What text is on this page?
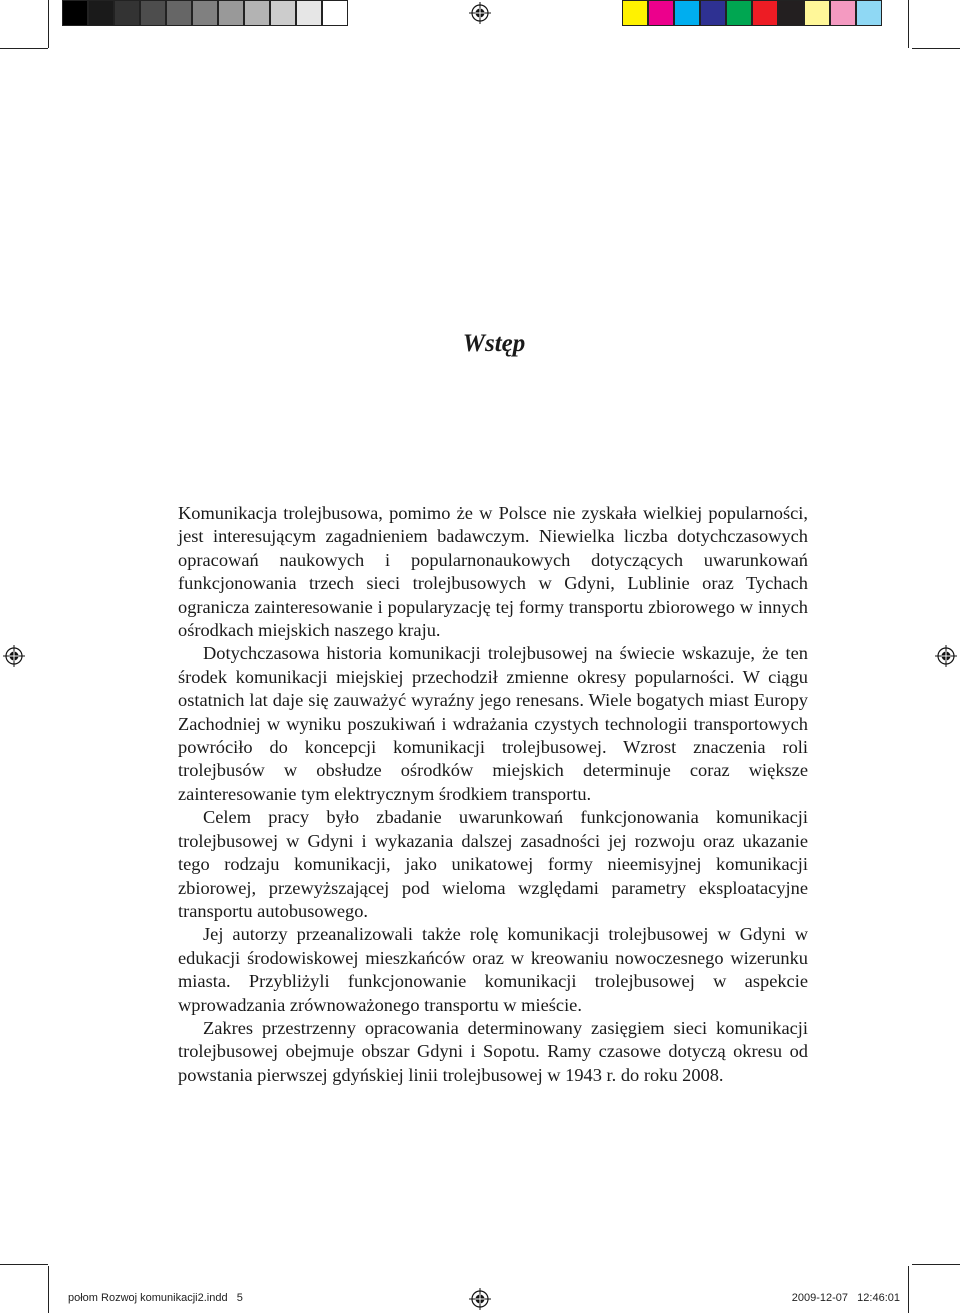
Wstęp

Komunikacja trolejbusowa, pomimo że w Polsce nie zyskała wielkiej popularności, jest interesującym zagadnieniem badawczym. Niewielka liczba dotychczasowych opracowań naukowych i popularnonaukowych dotyczących uwarunkowań funkcjonowania trzech sieci trolejbusowych w Gdyni, Lublinie oraz Tychach ogranicza zainteresowanie i popularyzację tej formy transportu zbiorowego w innych ośrodkach miejskich naszego kraju.

Dotychczasowa historia komunikacji trolejbusowej na świecie wskazuje, że ten środek komunikacji miejskiej przechodził zmienne okresy popularności. W ciągu ostatnich lat daje się zauważyć wyraźny jego renesans. Wiele bogatych miast Europy Zachodniej w wyniku poszukiwań i wdrażania czystych technologii transportowych powróciło do koncepcji komunikacji trolejbusowej. Wzrost znaczenia roli trolejbusów w obsłudze ośrodków miejskich determinuje coraz większe zainteresowanie tym elektrycznym środkiem transportu.

Celem pracy było zbadanie uwarunkowań funkcjonowania komunikacji trolejbusowej w Gdyni i wykazania dalszej zasadności jej rozwoju oraz ukazanie tego rodzaju komunikacji, jako unikatowej formy nieemisyjnej komunikacji zbiorowej, przewyższającej pod wieloma względami parametry eksploatacyjne transportu autobusowego.

Jej autorzy przeanalizowali także rolę komunikacji trolejbusowej w Gdyni w edukacji środowiskowej mieszkańców oraz w kreowaniu nowoczesnego wizerunku miasta. Przybliżyli funkcjonowanie komunikacji trolejbusowej w aspekcie wprowadzania zrównoważonego transportu w mieście.

Zakres przestrzenny opracowania determinowany zasięgiem sieci komunikacji trolejbusowej obejmuje obszar Gdyni i Sopotu. Ramy czasowe dotyczą okresu od powstania pierwszej gdyńskiej linii trolejbusowej w 1943 r. do roku 2008.

połom Rozwoj komunikacji2.indd   5	2009-12-07   12:46:01
